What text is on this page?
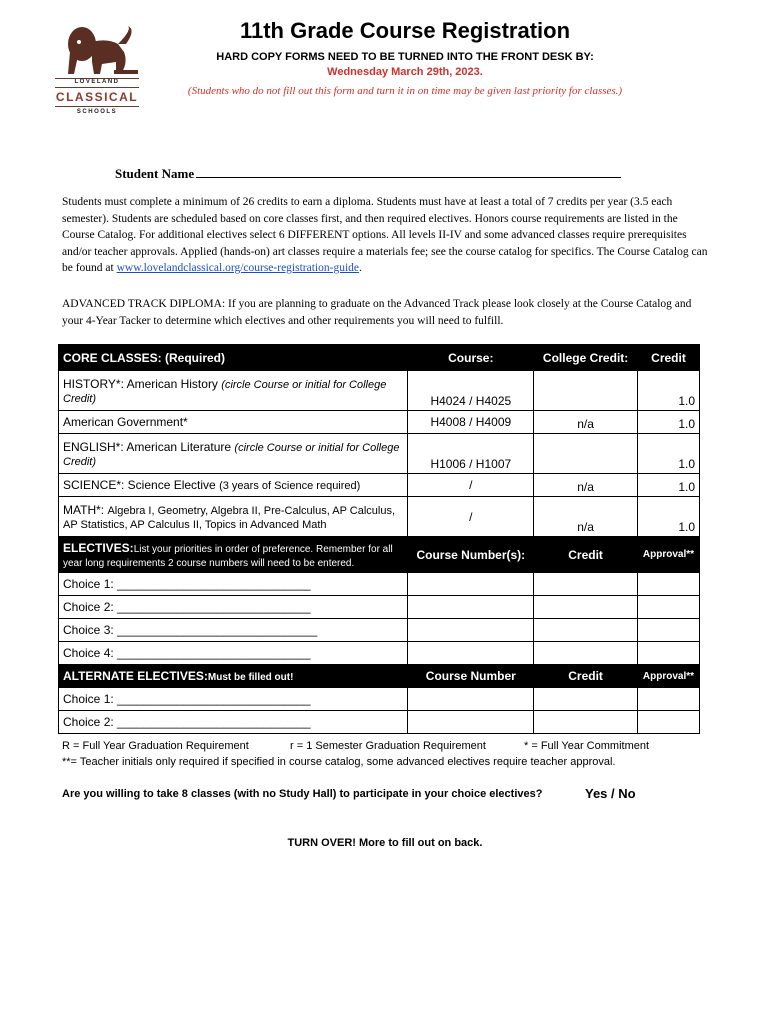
LOVELAND
CLASSICAL
SCHOOLS
11th Grade Course Registration
HARD COPY FORMS NEED TO BE TURNED INTO THE FRONT DESK BY:
Wednesday March 29th, 2023.
(Students who do not fill out this form and turn it in on time may be given last priority for classes.)
Student Name
Students must complete a minimum of 26 credits to earn a diploma. Students must have at least a total of 7 credits per year (3.5 each semester). Students are scheduled based on core classes first, and then required electives. Honors course requirements are listed in the Course Catalog. For additional electives select 6 DIFFERENT options. All levels II-IV and some advanced classes require prerequisites and/or teacher approvals. Applied (hands-on) art classes require a materials fee; see the course catalog for specifics. The Course Catalog can be found at www.lovelandclassical.org/course-registration-guide.
ADVANCED TRACK DIPLOMA: If you are planning to graduate on the Advanced Track please look closely at the Course Catalog and your 4-Year Tacker to determine which electives and other requirements you will need to fulfill.
CORE CLASSES: (Required)	Course:	College Credit:	Credit
HISTORY*: American History (circle Course or initial for College Credit)	H4024 / H4025		1.0
American Government*	H4008 / H4009	n/a	1.0
ENGLISH*: American Literature (circle Course or initial for College Credit)	H1006 / H1007		1.0
SCIENCE*: Science Elective (3 years of Science required)	/	n/a	1.0
MATH*: Algebra I, Geometry, Algebra II, Pre-Calculus, AP Calculus, AP Statistics, AP Calculus II, Topics in Advanced Math	/	n/a	1.0
ELECTIVES:List your priorities in order of preference. Remember for all year long requirements 2 course numbers will need to be entered.	Course Number(s):	Credit	Approval**
Choice 1: _____________________________			
Choice 2: _____________________________			
Choice 3: ______________________________			
Choice 4: _____________________________			
ALTERNATE ELECTIVES:Must be filled out!	Course Number	Credit	Approval**
Choice 1: _____________________________			
Choice 2: _____________________________			
R = Full Year Graduation Requirement	r = 1 Semester Graduation Requirement	* = Full Year Commitment
**= Teacher initials only required if specified in course catalog, some advanced electives require teacher approval.
Are you willing to take 8 classes (with no Study Hall) to participate in your choice electives?	Yes / No
TURN OVER! More to fill out on back.
